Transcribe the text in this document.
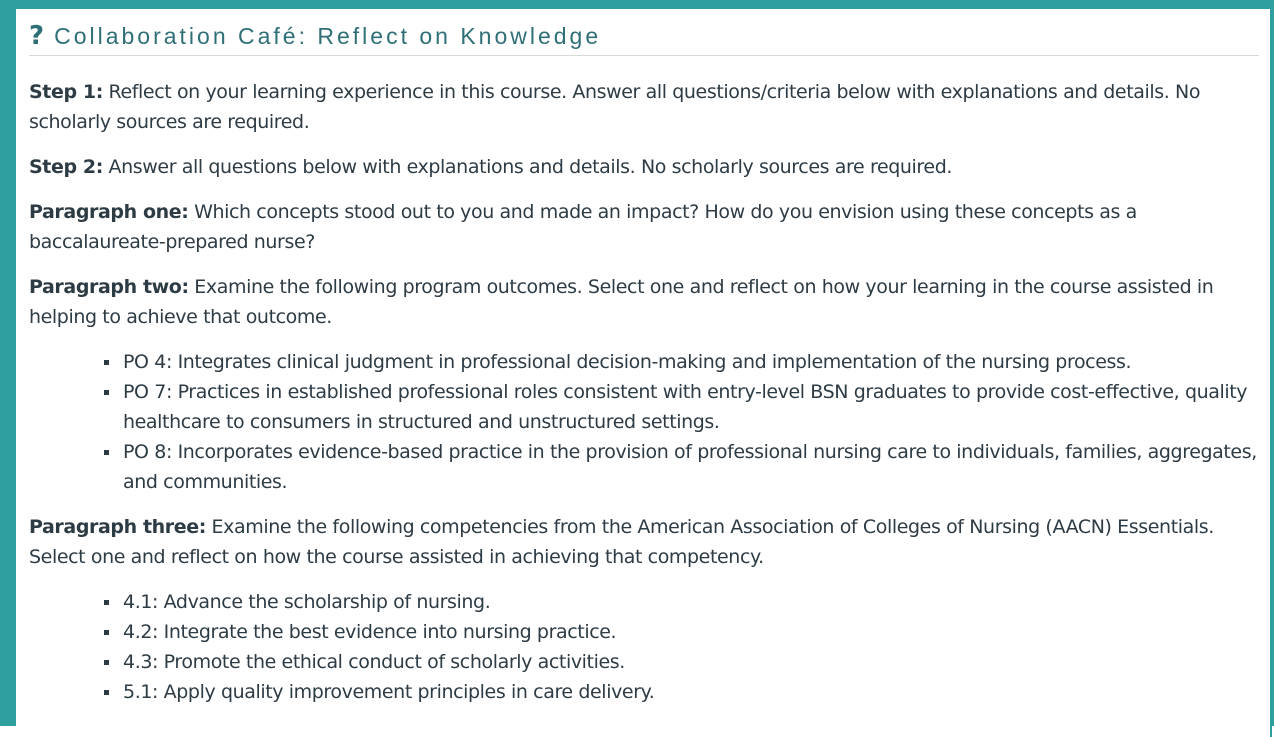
? Collaboration Café: Reflect on Knowledge

Step 1: Reflect on your learning experience in this course. Answer all questions/criteria below with explanations and details. No scholarly sources are required.

Step 2: Answer all questions below with explanations and details. No scholarly sources are required.

Paragraph one: Which concepts stood out to you and made an impact? How do you envision using these concepts as a baccalaureate-prepared nurse?

Paragraph two: Examine the following program outcomes. Select one and reflect on how your learning in the course assisted in helping to achieve that outcome.

PO 4: Integrates clinical judgment in professional decision-making and implementation of the nursing process.
PO 7: Practices in established professional roles consistent with entry-level BSN graduates to provide cost-effective, quality healthcare to consumers in structured and unstructured settings.
PO 8: Incorporates evidence-based practice in the provision of professional nursing care to individuals, families, aggregates, and communities.

Paragraph three: Examine the following competencies from the American Association of Colleges of Nursing (AACN) Essentials. Select one and reflect on how the course assisted in achieving that competency.

4.1: Advance the scholarship of nursing.
4.2: Integrate the best evidence into nursing practice.
4.3: Promote the ethical conduct of scholarly activities.
5.1: Apply quality improvement principles in care delivery.
